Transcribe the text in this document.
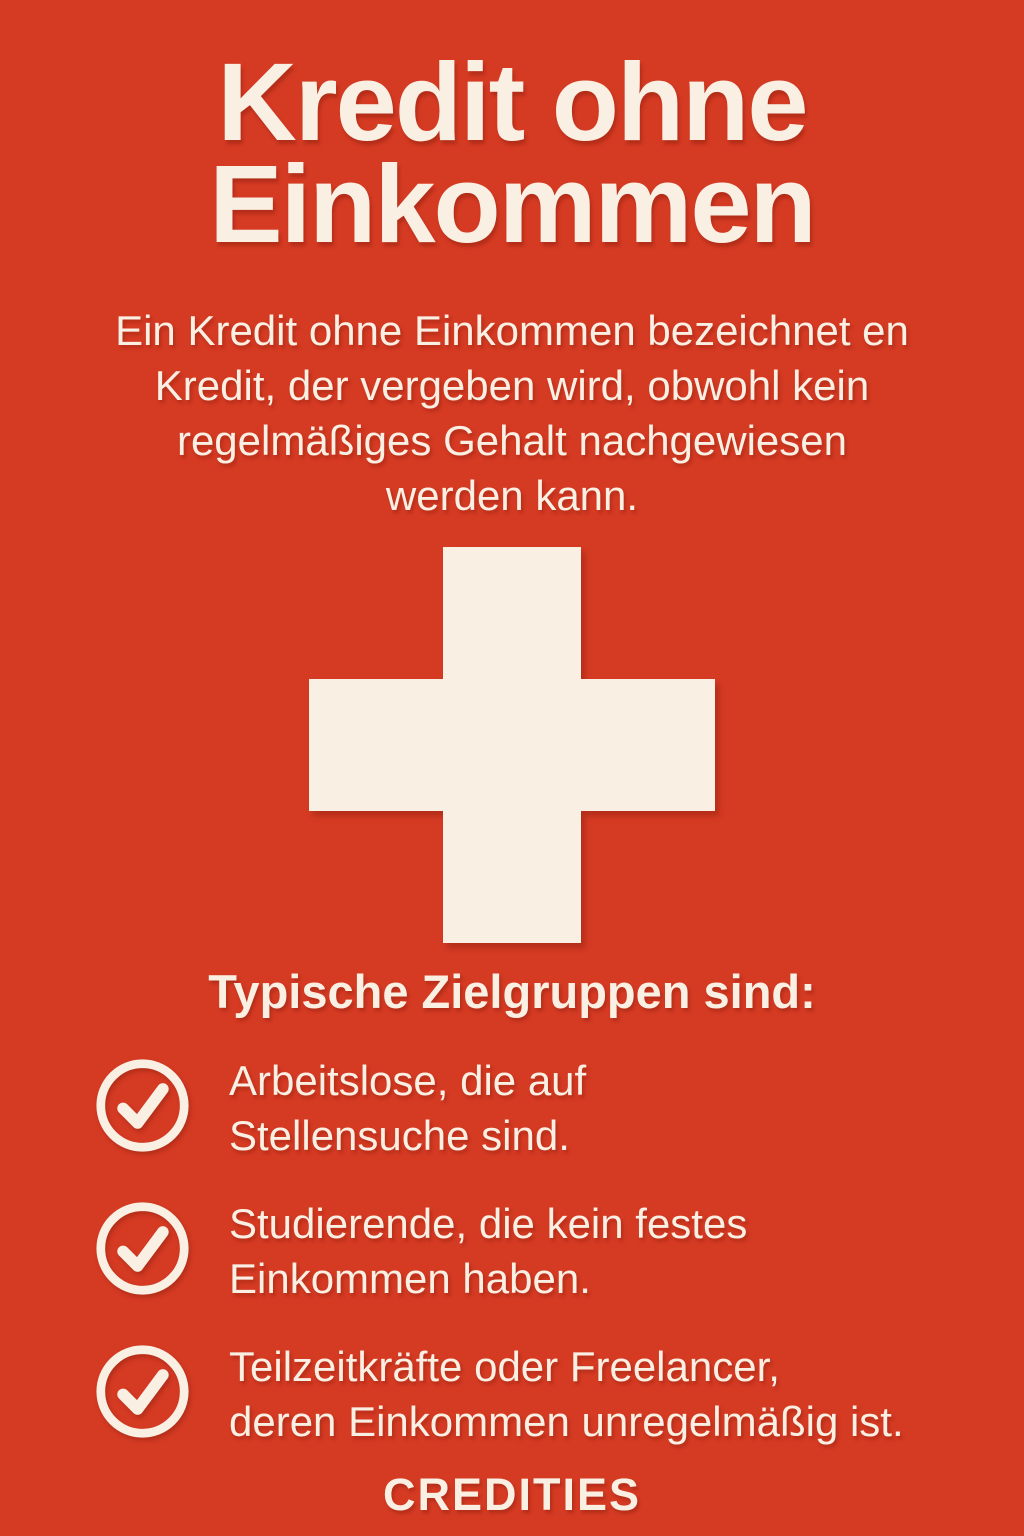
Kredit ohne
Einkommen

Ein Kredit ohne Einkommen bezeichnet en
Kredit, der vergeben wird, obwohl kein
regelmäßiges Gehalt nachgewiesen
werden kann.

Typische Zielgruppen sind:
Arbeitslose, die auf
Stellensuche sind.
Studierende, die kein festes
Einkommen haben.
Teilzeitkräfte oder Freelancer,
deren Einkommen unregelmäßig ist.
CREDITIES
